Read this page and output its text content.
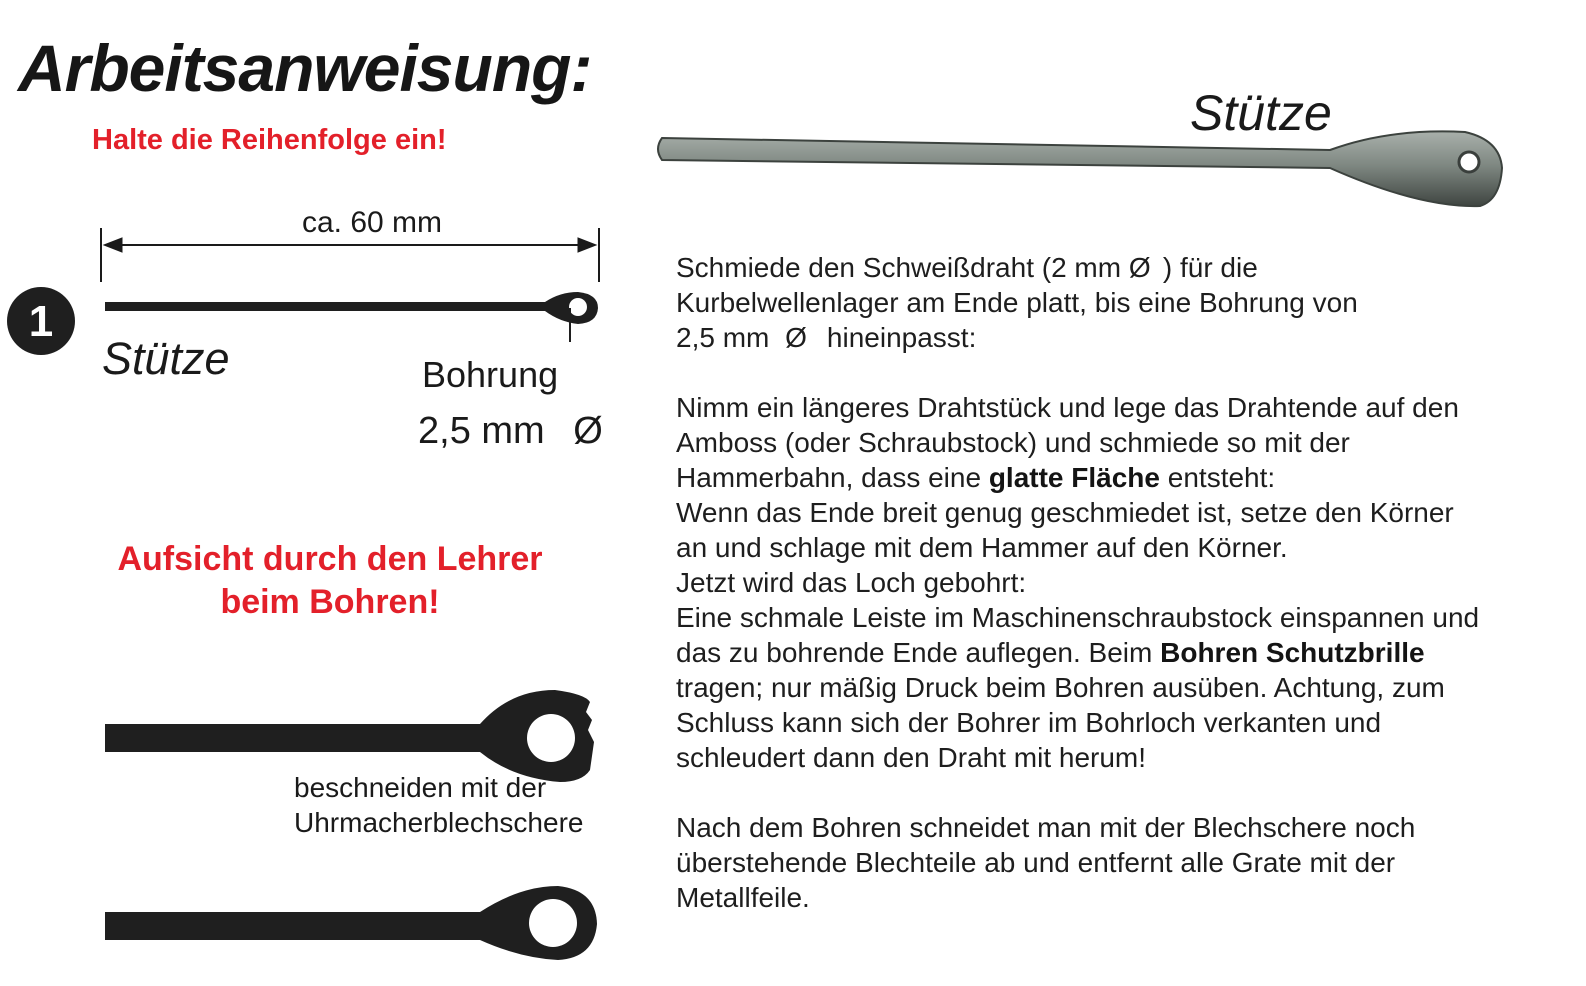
Arbeitsanweisung:
Halte die Reihenfolge ein!	Stütze
1
ca. 60 mm
Stütze	Bohrung
2,5 mm Ø
Aufsicht durch den Lehrer
beim Bohren!
beschneiden mit der
Uhrmacherblechschere

Schmiede den Schweißdraht (2 mm Ø ) für die
Kurbelwellenlager am Ende platt, bis eine Bohrung von
2,5 mm Ø hineinpasst:

Nimm ein längeres Drahtstück und lege das Drahtende auf den
Amboss (oder Schraubstock) und schmiede so mit der
Hammerbahn, dass eine glatte Fläche entsteht:
Wenn das Ende breit genug geschmiedet ist, setze den Körner
an und schlage mit dem Hammer auf den Körner.
Jetzt wird das Loch gebohrt:
Eine schmale Leiste im Maschinenschraubstock einspannen und
das zu bohrende Ende auflegen. Beim Bohren Schutzbrille
tragen; nur mäßig Druck beim Bohren ausüben. Achtung, zum
Schluss kann sich der Bohrer im Bohrloch verkanten und
schleudert dann den Draht mit herum!

Nach dem Bohren schneidet man mit der Blechschere noch
überstehende Blechteile ab und entfernt alle Grate mit der
Metallfeile.
